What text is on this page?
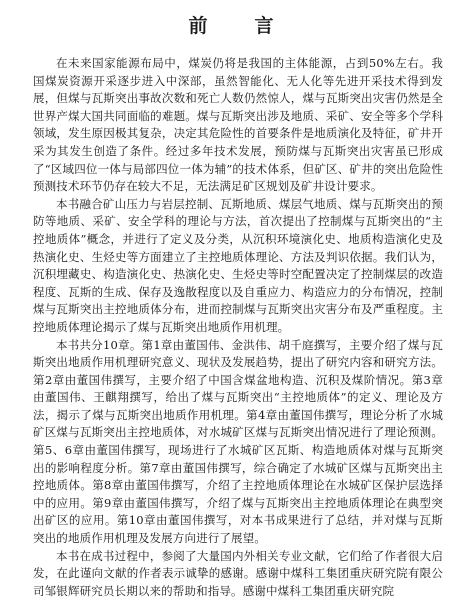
前　言

在未来国家能源布局中，煤炭仍将是我国的主体能源，占到50%左右。我国煤炭资源开采逐步进入中深部，虽然智能化、无人化等先进开采技术得到发展，但煤与瓦斯突出事故次数和死亡人数仍然惊人，煤与瓦斯突出灾害仍然是全世界产煤大国共同面临的难题。煤与瓦斯突出涉及地质、采矿、安全等多个学科领域，发生原因极其复杂，决定其危险性的首要条件是地质演化及特征，矿井开采为其发生创造了条件。经过多年技术发展，预防煤与瓦斯突出灾害虽已形成了“区域四位一体与局部四位一体为辅”的技术体系，但矿区、矿井的突出危险性预测技术环节仍存在较大不足，无法满足矿区规划及矿井设计要求。

本书融合矿山压力与岩层控制、瓦斯地质、煤层气地质、煤与瓦斯突出的预防等地质、采矿、安全学科的理论与方法，首次提出了控制煤与瓦斯突出的“主控地质体”概念，并进行了定义及分类，从沉积环境演化史、地质构造演化史及热演化史、生烃史等方面建立了主控地质体理论、方法及判识依据。我们认为，沉积埋藏史、构造演化史、热演化史、生烃史等时空配置决定了控制煤层的改造程度、瓦斯的生成、保存及逸散程度以及自重应力、构造应力的分布情况，控制煤与瓦斯突出主控地质体分布，进而控制煤与瓦斯突出灾害分布及严重程度。主控地质体理论揭示了煤与瓦斯突出地质作用机理。

本书共分10章。第1章由董国伟、金洪伟、胡千庭撰写，主要介绍了煤与瓦斯突出地质作用机理研究意义、现状及发展趋势，提出了研究内容和研究方法。第2章由董国伟撰写，主要介绍了中国含煤盆地构造、沉积及煤阶情况。第3章由董国伟、王麒翔撰写，给出了煤与瓦斯突出“主控地质体”的定义、理论及方法，揭示了煤与瓦斯突出地质作用机理。第4章由董国伟撰写，理论分析了水城矿区煤与瓦斯突出主控地质体，对水城矿区煤与瓦斯突出情况进行了理论预测。第5、6章由董国伟撰写，现场进行了水城矿区瓦斯、构造地质体对煤与瓦斯突出的影响程度分析。第7章由董国伟撰写，综合确定了水城矿区煤与瓦斯突出主控地质体。第8章由董国伟撰写，介绍了主控地质体理论在水城矿区保护层选择中的应用。第9章由董国伟撰写，介绍了煤与瓦斯突出主控地质体理论在典型突出矿区的应用。第10章由董国伟撰写，对本书成果进行了总结，并对煤与瓦斯突出的地质作用机理及发展方向进行了展望。

本书在成书过程中，参阅了大量国内外相关专业文献，它们给了作者很大启发，在此谨向文献的作者表示诚挚的感谢。感谢中煤科工集团重庆研究院有限公司邹银辉研究员长期以来的帮助和指导。感谢中煤科工集团重庆研究院
